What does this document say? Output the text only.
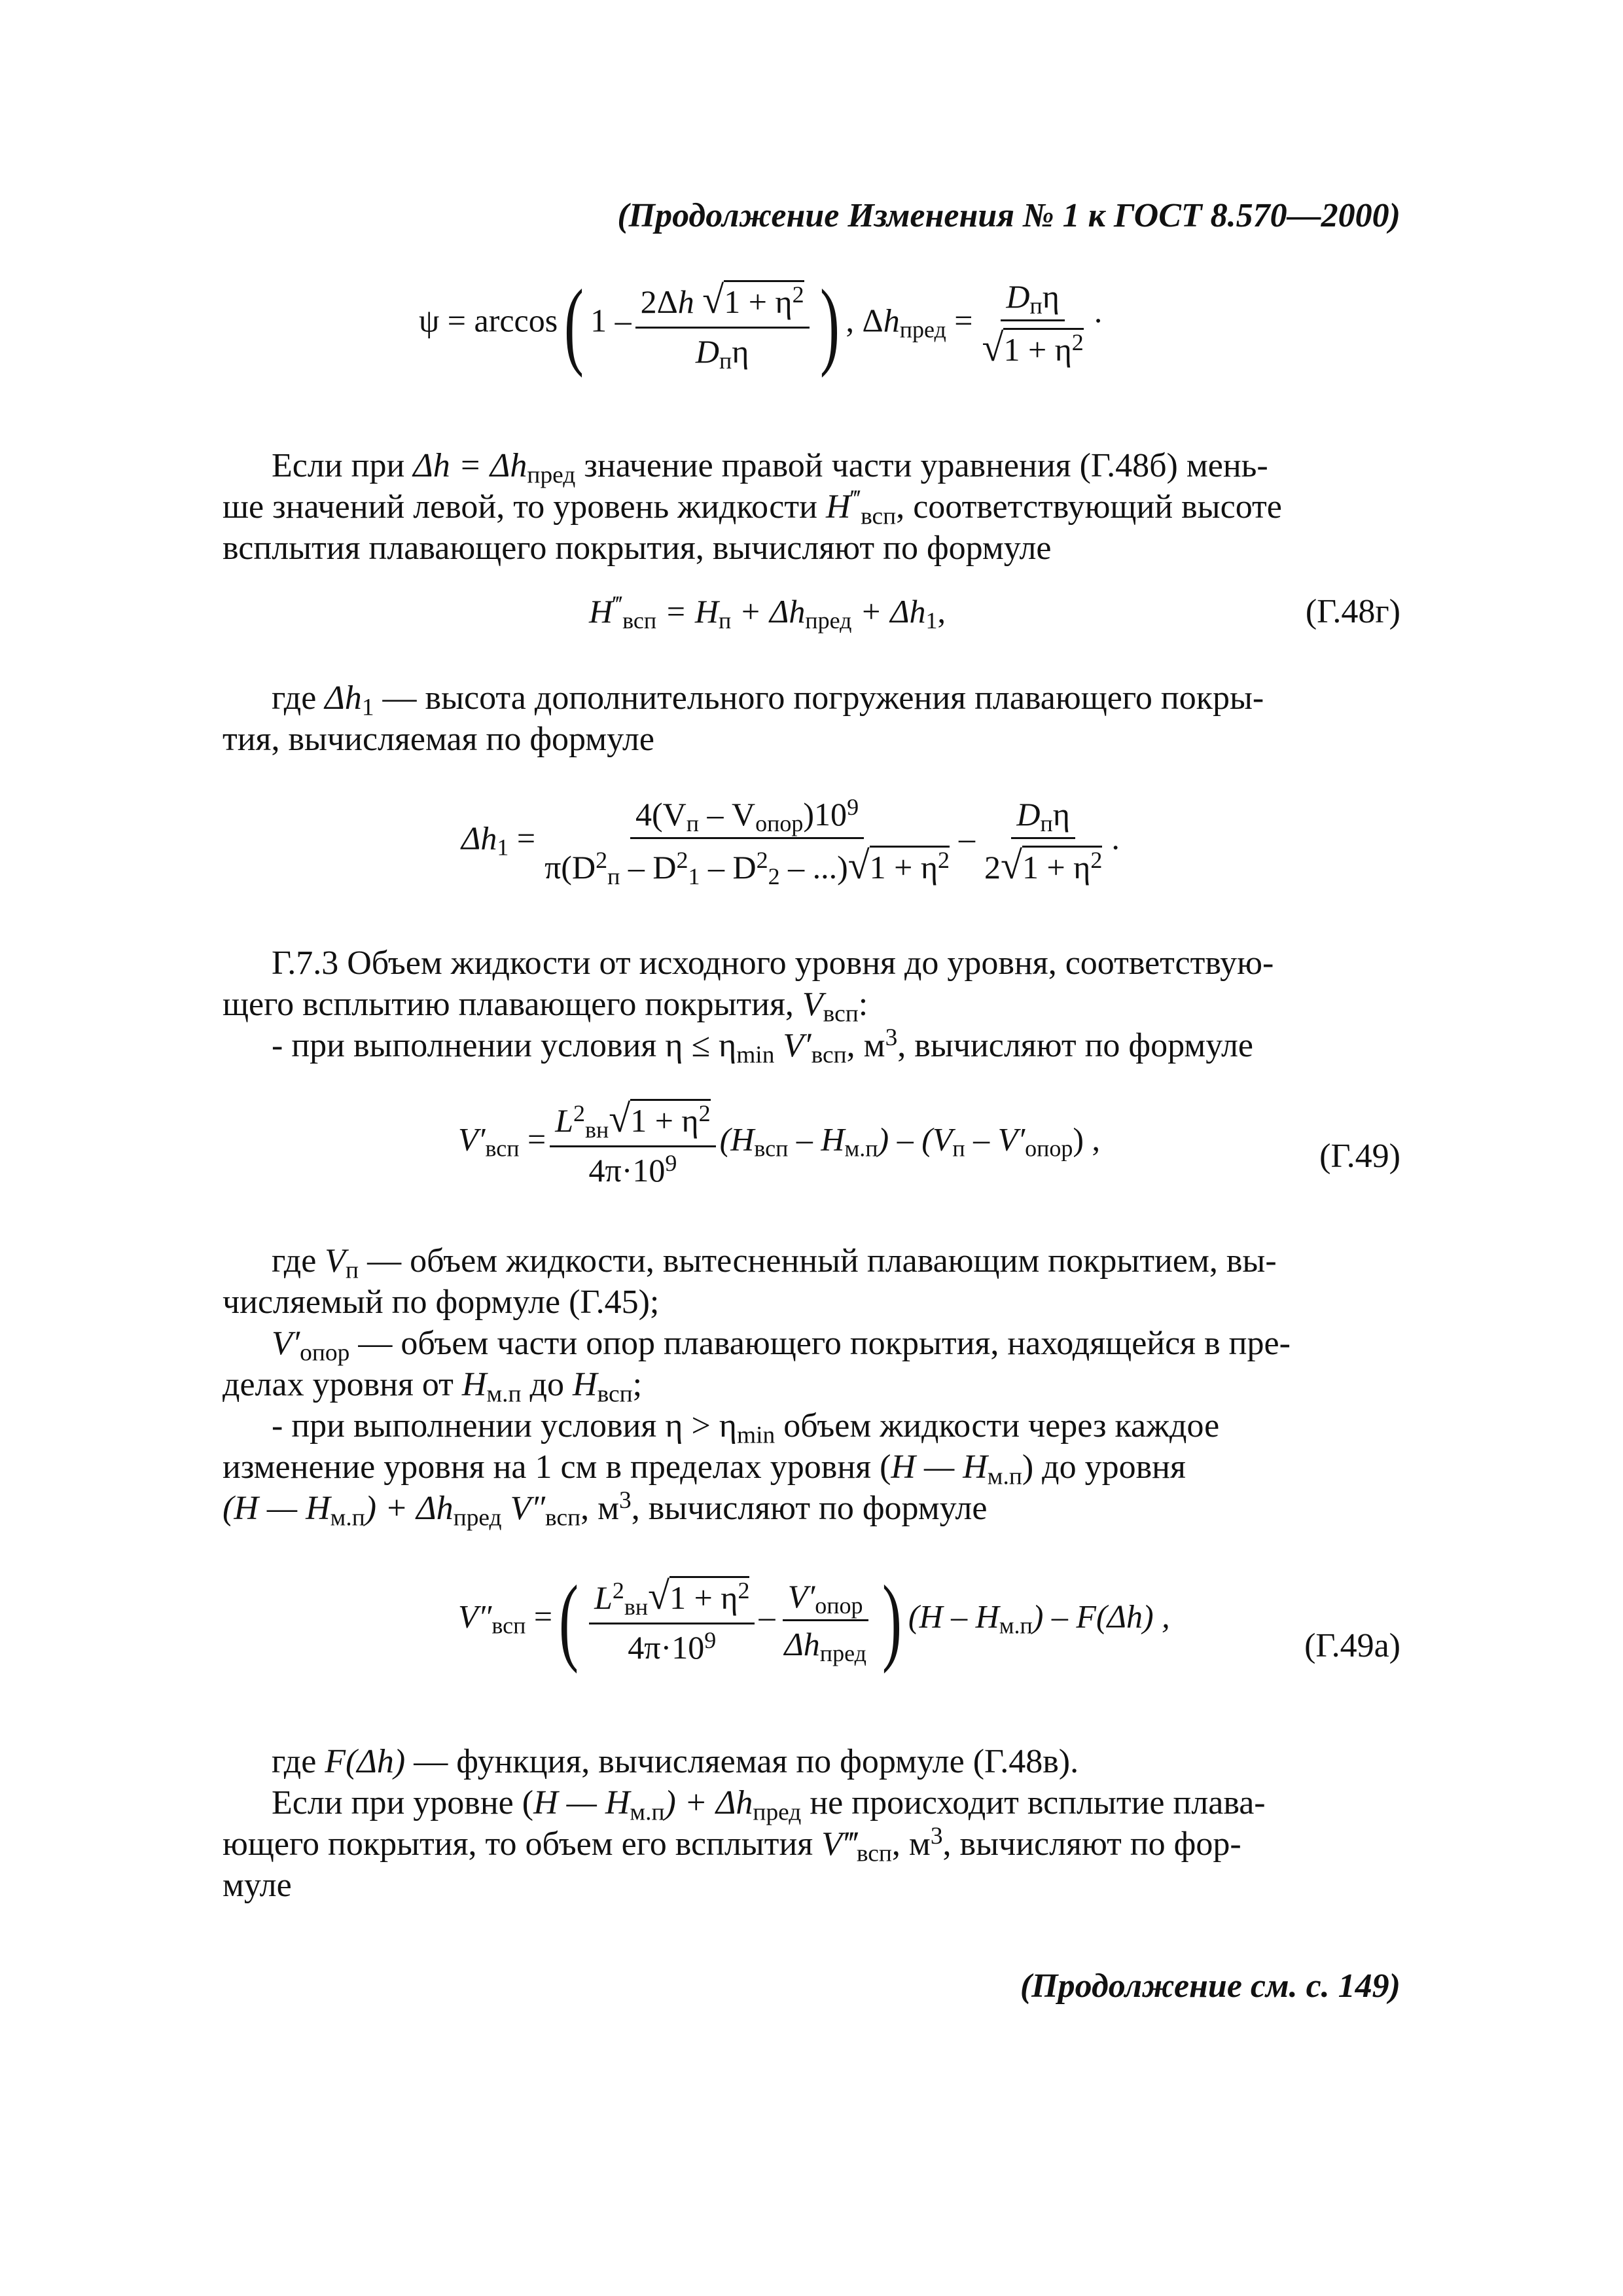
(Продолжение Изменения № 1 к ГОСТ 8.570—2000)
ψ = arccos( $1 - \frac{2\Delta h √1 + \eta^2}{D_п\eta}$ ) , $\Delta h_{пред} = \frac{D_п\eta}{√1 + \eta^2}$ ·

Если при $\Delta h = \Delta h_{пред}$ значение правой части уравнения (Г.48б) мень-

ше значений левой, то уровень жидкости $H^‴_{всп}$, соответствующий высоте

всплытия плавающего покрытия, вычисляют по формуле

$H^‴_{всп} = H_п + \Delta h_{пред} + \Delta h_1$,	(Г.48г)

где $\Delta h_1$ — высота дополнительного погружения плавающего покры-

тия, вычисляемая по формуле

$\Delta h_1 = \frac{4(V_п - V_{опор})10^9}{\pi(D^2_п - D^2_1 - D^2_2 - ...)√1 + \eta^2} - \frac{D_п\eta}{2√1 + \eta^2}$ .

Г.7.3 Объем жидкости от исходного уровня до уровня, соответствую-

щего всплытию плавающего покрытия, $V_{всп}$:

- при выполнении условия $\eta \le \eta_{min}$ $V'_{всп}$, $м^3$, вычисляют по формуле

$V'_{всп} = \frac{L^2_{вн}√1 + \eta^2}{4\pi\cdot 10^9} (H_{всп} - H_{м.п}) - (V_п - V'_{опор})$ ,	(Г.49)

где $V_п$ — объем жидкости, вытесненный плавающим покрытием, вы-

числяемый по формуле (Г.45);

$V'_{опор}$ — объем части опор плавающего покрытия, находящейся в пре-

делах уровня от $H_{м.п}$ до $H_{всп}$;

- при выполнении условия $\eta > \eta_{min}$ объем жидкости через каждое

изменение уровня на 1 см в пределах уровня (H — $H_{м.п}$) до уровня

(H — $H_{м.п}) + \Delta h_{пред}$ $V''_{всп}$, $м^3$, вычисляют по формуле

$V''_{всп}$ =( $\frac{L^2_{вн}√1 + \eta^2}{4\pi\cdot 10^9} - \frac{V'_{опор}}{\Delta h_{пред}}$ ) $(H - H_{м.п}) - F(\Delta h)$ ,
(Г.49а)

где F(Δh) — функция, вычисляемая по формуле (Г.48в).

Если при уровне (H — $H_{м.п}) + \Delta h_{пред}$ не происходит всплытие плава-

ющего покрытия, то объем его всплытия $V‴_{всп}$, $м^3$, вычисляют по фор-

муле

(Продолжение см. с. 149)
